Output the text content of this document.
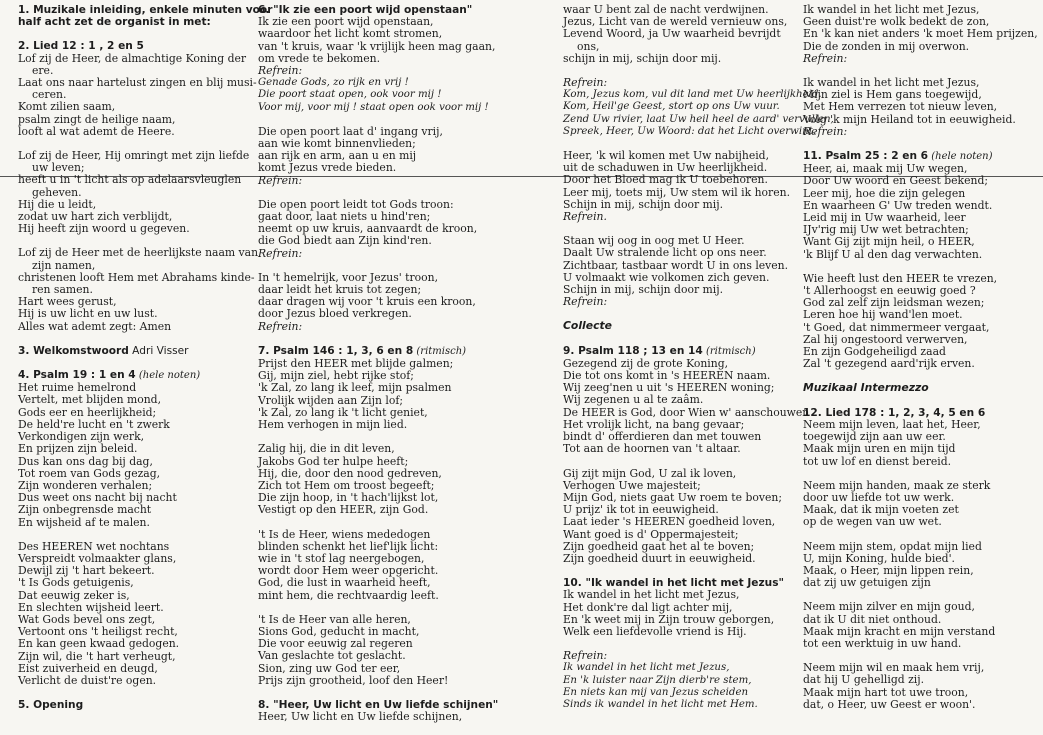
1. Muzikale inleiding, enkele minuten voor
half acht zet de organist in met:
2. Lied 12 : 1 , 2 en 5
Lof zij de Heer, de almachtige Koning der
ere.
Laat ons naar hartelust zingen en blij musi-
ceren.
Komt zilien saam,
psalm zingt de heilige naam,
looft al wat ademt de Heere.
Lof zij de Heer, Hij omringt met zijn liefde
uw leven;
heeft u in 't licht als op adelaarsvleuglen
geheven.
Hij die u leidt,
zodat uw hart zich verblijdt,
Hij heeft zijn woord u gegeven.
Lof zij de Heer met de heerlijkste naam van
zijn namen,
christenen looft Hem met Abrahams kinde-
ren samen.
Hart wees gerust,
Hij is uw licht en uw lust.
Alles wat ademt zegt: Amen
3. Welkomstwoord Adri Visser
4. Psalm 19 : 1 en 4 (hele noten)
Het ruime hemelrond
Vertelt, met blijden mond,
Gods eer en heerlijkheid;
De held're lucht en 't zwerk
Verkondigen zijn werk,
En prijzen zijn beleid.
Dus kan ons dag bij dag,
Tot roem van Gods gezag,
Zijn wonderen verhalen;
Dus weet ons nacht bij nacht
Zijn onbegrensde macht
En wijsheid af te malen.
Des HEEREN wet nochtans
Verspreidt volmaakter glans,
Dewijl zij 't hart bekeert.
't Is Gods getuigenis,
Dat eeuwig zeker is,
En slechten wijsheid leert.
Wat Gods bevel ons zegt,
Vertoont ons 't heiligst recht,
En kan geen kwaad gedogen.
Zijn wil, die 't hart verheugt,
Eist zuiverheid en deugd,
Verlicht de duist're ogen.
5. Opening
6. "Ik zie een poort wijd openstaan"
Ik zie een poort wijd openstaan,
waardoor het licht komt stromen,
van 't kruis, waar 'k vrijlijk heen mag gaan,
om vrede te bekomen.
Refrein:
Genade Gods, zo rijk en vrij !
Die poort staat open, ook voor mij !
Voor mij, voor mij ! staat open ook voor mij !
Die open poort laat d' ingang vrij,
aan wie komt binnenvlieden;
aan rijk en arm, aan u en mij
komt Jezus vrede bieden.
Refrein:
Die open poort leidt tot Gods troon:
gaat door, laat niets u hind'ren;
neemt op uw kruis, aanvaardt de kroon,
die God biedt aan Zijn kind'ren.
Refrein:
In 't hemelrijk, voor Jezus' troon,
daar leidt het kruis tot zegen;
daar dragen wij voor 't kruis een kroon,
door Jezus bloed verkregen.
Refrein:
7. Psalm 146 : 1, 3, 6 en 8 (ritmisch)
Prijst den HEER met blijde galmen;
Gij, mijn ziel, hebt rijke stof;
'k Zal, zo lang ik leef, mijn psalmen
Vrolijk wijden aan Zijn lof;
'k Zal, zo lang ik 't licht geniet,
Hem verhogen in mijn lied.
Zalig hij, die in dit leven,
Jakobs God ter hulpe heeft;
Hij, die, door den nood gedreven,
Zich tot Hem om troost begeeft;
Die zijn hoop, in 't hach'lijkst lot,
Vestigt op den HEER, zijn God.
't Is de Heer, wiens mededogen
blinden schenkt het lief'lijk licht:
wie in 't stof lag neergebogen,
wordt door Hem weer opgericht.
God, die lust in waarheid heeft,
mint hem, die rechtvaardig leeft.
't Is de Heer van alle heren,
Sions God, geducht in macht,
Die voor eeuwig zal regeren
Van geslachte tot geslacht.
Sion, zing uw God ter eer,
Prijs zijn grootheid, loof den Heer!
8. "Heer, Uw licht en Uw liefde schijnen"
Heer, Uw licht en Uw liefde schijnen,
waar U bent zal de nacht verdwijnen.
Jezus, Licht van de wereld vernieuw ons,
Levend Woord, ja Uw waarheid bevrijdt
ons,
schijn in mij, schijn door mij.
Refrein:
Kom, Jezus kom, vul dit land met Uw heerlijkheid.
Kom, Heil'ge Geest, stort op ons Uw vuur.
Zend Uw rivier, laat Uw heil heel de aard' vervullen,
Spreek, Heer, Uw Woord: dat het Licht overwint.
Heer, 'k wil komen met Uw nabijheid,
uit de schaduwen in Uw heerlijkheid.
Door het Bloed mag ik U toebehoren.
Leer mij, toets mij, Uw stem wil ik horen.
Schijn in mij, schijn door mij.
Refrein.
Staan wij oog in oog met U Heer.
Daalt Uw stralende licht op ons neer.
Zichtbaar, tastbaar wordt U in ons leven.
U volmaakt wie volkomen zich geven.
Schijn in mij, schijn door mij.
Refrein:
Collecte
9. Psalm 118 ; 13 en 14 (ritmisch)
Gezegend zij de grote Koning,
Die tot ons komt in 's HEEREN naam.
Wij zeeg'nen u uit 's HEEREN woning;
Wij zegenen u al te zaâm.
De HEER is God, door Wien w' aanschouwen
Het vrolijk licht, na bang gevaar;
bindt d' offerdieren dan met touwen
Tot aan de hoornen van 't altaar.
Gij zijt mijn God, U zal ik loven,
Verhogen Uwe majesteit;
Mijn God, niets gaat Uw roem te boven;
U prijz' ik tot in eeuwigheid.
Laat ieder 's HEEREN goedheid loven,
Want goed is d' Oppermajesteit;
Zijn goedheid gaat het al te boven;
Zijn goedheid duurt in eeuwigheid.
10. "Ik wandel in het licht met Jezus"
Ik wandel in het licht met Jezus,
Het donk're dal ligt achter mij,
En 'k weet mij in Zijn trouw geborgen,
Welk een liefdevolle vriend is Hij.
Refrein:
Ik wandel in het licht met Jezus,
En 'k luister naar Zijn dierb're stem,
En niets kan mij van Jezus scheiden
Sinds ik wandel in het licht met Hem.
Ik wandel in het licht met Jezus,
Geen duist're wolk bedekt de zon,
En 'k kan niet anders 'k moet Hem prijzen,
Die de zonden in mij overwon.
Refrein:
Ik wandel in het licht met Jezus,
Mijn ziel is Hem gans toegewijd,
Met Hem verrezen tot nieuw leven,
Volg 'k mijn Heiland tot in eeuwigheid.
Refrein:
11. Psalm 25 : 2 en 6 (hele noten)
Heer, ai, maak mij Uw wegen,
Door Uw woord en Geest bekend;
Leer mij, hoe die zijn gelegen
En waarheen G' Uw treden wendt.
Leid mij in Uw waarheid, leer
IJv'rig mij Uw wet betrachten;
Want Gij zijt mijn heil, o HEER,
'k Blijf U al den dag verwachten.
Wie heeft lust den HEER te vrezen,
't Allerhoogst en eeuwig goed ?
God zal zelf zijn leidsman wezen;
Leren hoe hij wand'len moet.
't Goed, dat nimmermeer vergaat,
Zal hij ongestoord verwerven,
En zijn Godgeheiligd zaad
Zal 't gezegend aard'rijk erven.
Muzikaal Intermezzo
12. Lied 178 : 1, 2, 3, 4, 5 en 6
Neem mijn leven, laat het, Heer,
toegewijd zijn aan uw eer.
Maak mijn uren en mijn tijd
tot uw lof en dienst bereid.
Neem mijn handen, maak ze sterk
door uw liefde tot uw werk.
Maak, dat ik mijn voeten zet
op de wegen van uw wet.
Neem mijn stem, opdat mijn lied
U, mijn Koning, hulde bied'.
Maak, o Heer, mijn lippen rein,
dat zij uw getuigen zijn
Neem mijn zilver en mijn goud,
dat ik U dit niet onthoud.
Maak mijn kracht en mijn verstand
tot een werktuig in uw hand.
Neem mijn wil en maak hem vrij,
dat hij U gehelligd zij.
Maak mijn hart tot uwe troon,
dat, o Heer, uw Geest er woon'.
